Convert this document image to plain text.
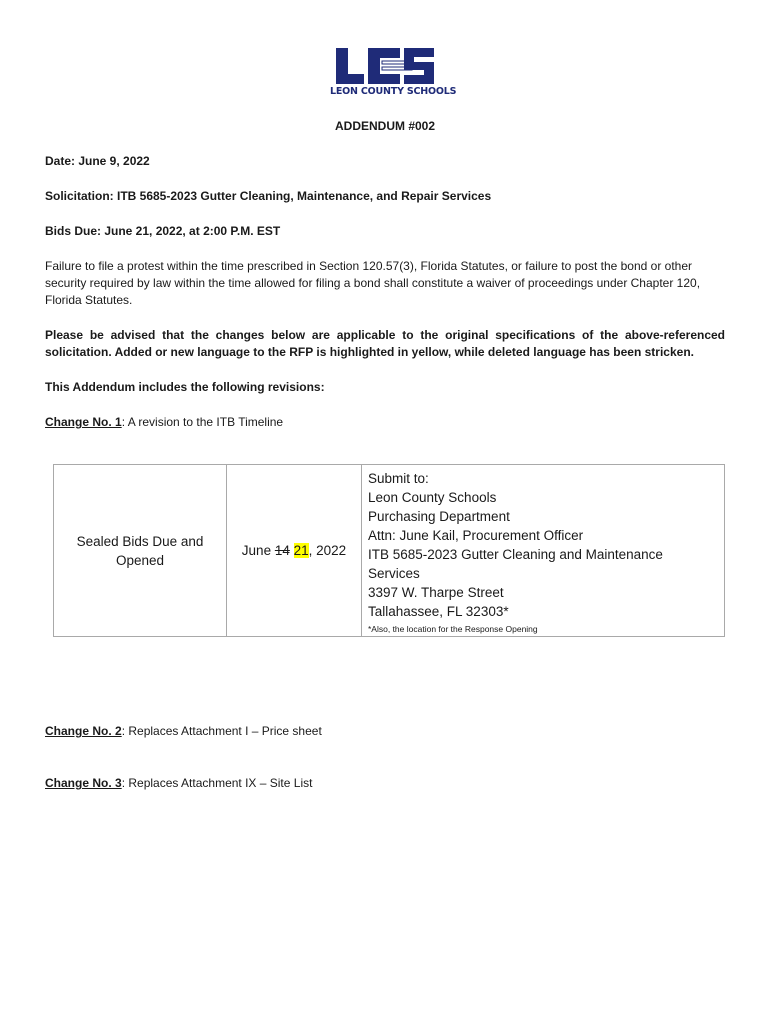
LEON COUNTY SCHOOLS
ADDENDUM #002
Date: June 9, 2022
Solicitation: ITB 5685-2023 Gutter Cleaning, Maintenance, and Repair Services
Bids Due: June 21, 2022, at 2:00 P.M. EST
Failure to file a protest within the time prescribed in Section 120.57(3), Florida Statutes, or failure to post the bond or other security required by law within the time allowed for filing a bond shall constitute a waiver of proceedings under Chapter 120, Florida Statutes.
Please be advised that the changes below are applicable to the original specifications of the above-referenced solicitation. Added or new language to the RFP is highlighted in yellow, while deleted language has been stricken.
This Addendum includes the following revisions:
Change No. 1: A revision to the ITB Timeline
Sealed Bids Due and Opened	June 14 21, 2022	
Submit to:
Leon County Schools
Purchasing Department
Attn: June Kail, Procurement Officer
ITB 5685-2023 Gutter Cleaning and Maintenance
Services
3397 W. Tharpe Street
Tallahassee, FL 32303*
*Also, the location for the Response Opening
Change No. 2: Replaces Attachment I – Price sheet
Change No. 3: Replaces Attachment IX – Site List
